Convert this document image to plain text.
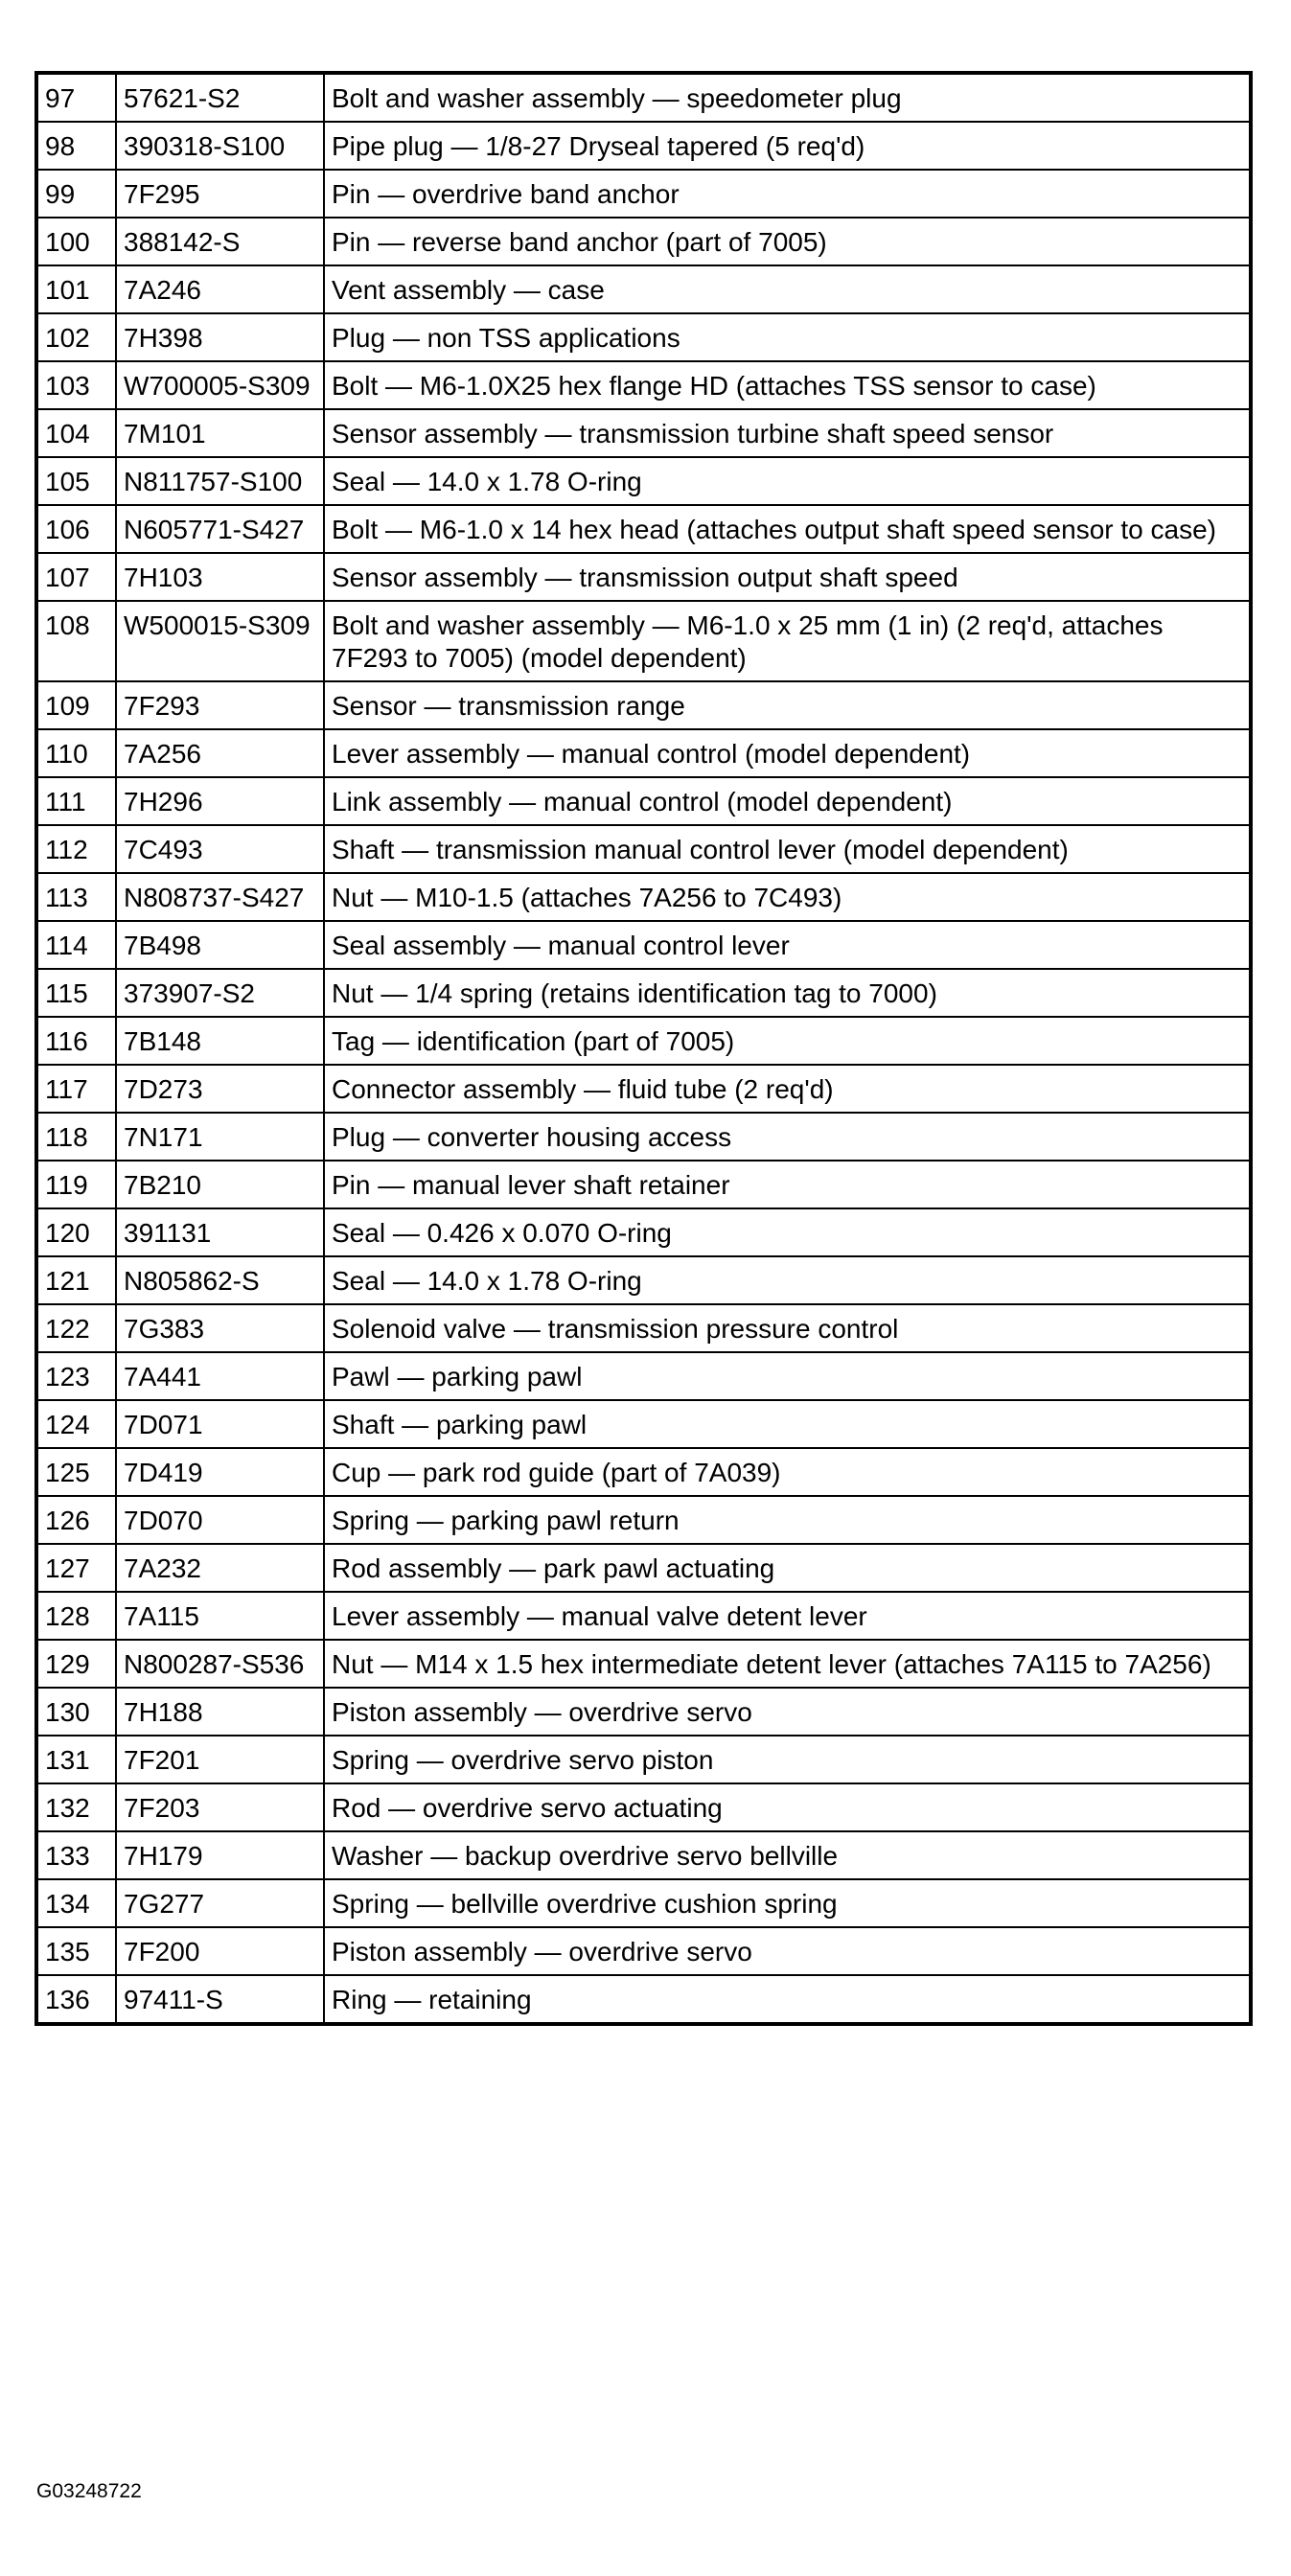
97	57621-S2	Bolt and washer assembly — speedometer plug
98	390318-S100	Pipe plug — 1/8-27 Dryseal tapered (5 req'd)
99	7F295	Pin — overdrive band anchor
100	388142-S	Pin — reverse band anchor (part of 7005)
101	7A246	Vent assembly — case
102	7H398	Plug — non TSS applications
103	W700005-S309	Bolt — M6-1.0X25 hex flange HD (attaches TSS sensor to case)
104	7M101	Sensor assembly — transmission turbine shaft speed sensor
105	N811757-S100	Seal — 14.0 x 1.78 O-ring
106	N605771-S427	Bolt — M6-1.0 x 14 hex head (attaches output shaft speed sensor to case)
107	7H103	Sensor assembly — transmission output shaft speed
108	W500015-S309	Bolt and washer assembly — M6-1.0 x 25 mm (1 in) (2 req'd, attaches 7F293 to 7005) (model dependent)
109	7F293	Sensor — transmission range
110	7A256	Lever assembly — manual control (model dependent)
111	7H296	Link assembly — manual control (model dependent)
112	7C493	Shaft — transmission manual control lever (model dependent)
113	N808737-S427	Nut — M10-1.5 (attaches 7A256 to 7C493)
114	7B498	Seal assembly — manual control lever
115	373907-S2	Nut — 1/4 spring (retains identification tag to 7000)
116	7B148	Tag — identification (part of 7005)
117	7D273	Connector assembly — fluid tube (2 req'd)
118	7N171	Plug — converter housing access
119	7B210	Pin — manual lever shaft retainer
120	391131	Seal — 0.426 x 0.070 O-ring
121	N805862-S	Seal — 14.0 x 1.78 O-ring
122	7G383	Solenoid valve — transmission pressure control
123	7A441	Pawl — parking pawl
124	7D071	Shaft — parking pawl
125	7D419	Cup — park rod guide (part of 7A039)
126	7D070	Spring — parking pawl return
127	7A232	Rod assembly — park pawl actuating
128	7A115	Lever assembly — manual valve detent lever
129	N800287-S536	Nut — M14 x 1.5 hex intermediate detent lever (attaches 7A115 to 7A256)
130	7H188	Piston assembly — overdrive servo
131	7F201	Spring — overdrive servo piston
132	7F203	Rod — overdrive servo actuating
133	7H179	Washer — backup overdrive servo bellville
134	7G277	Spring — bellville overdrive cushion spring
135	7F200	Piston assembly — overdrive servo
136	97411-S	Ring — retaining
G03248722
